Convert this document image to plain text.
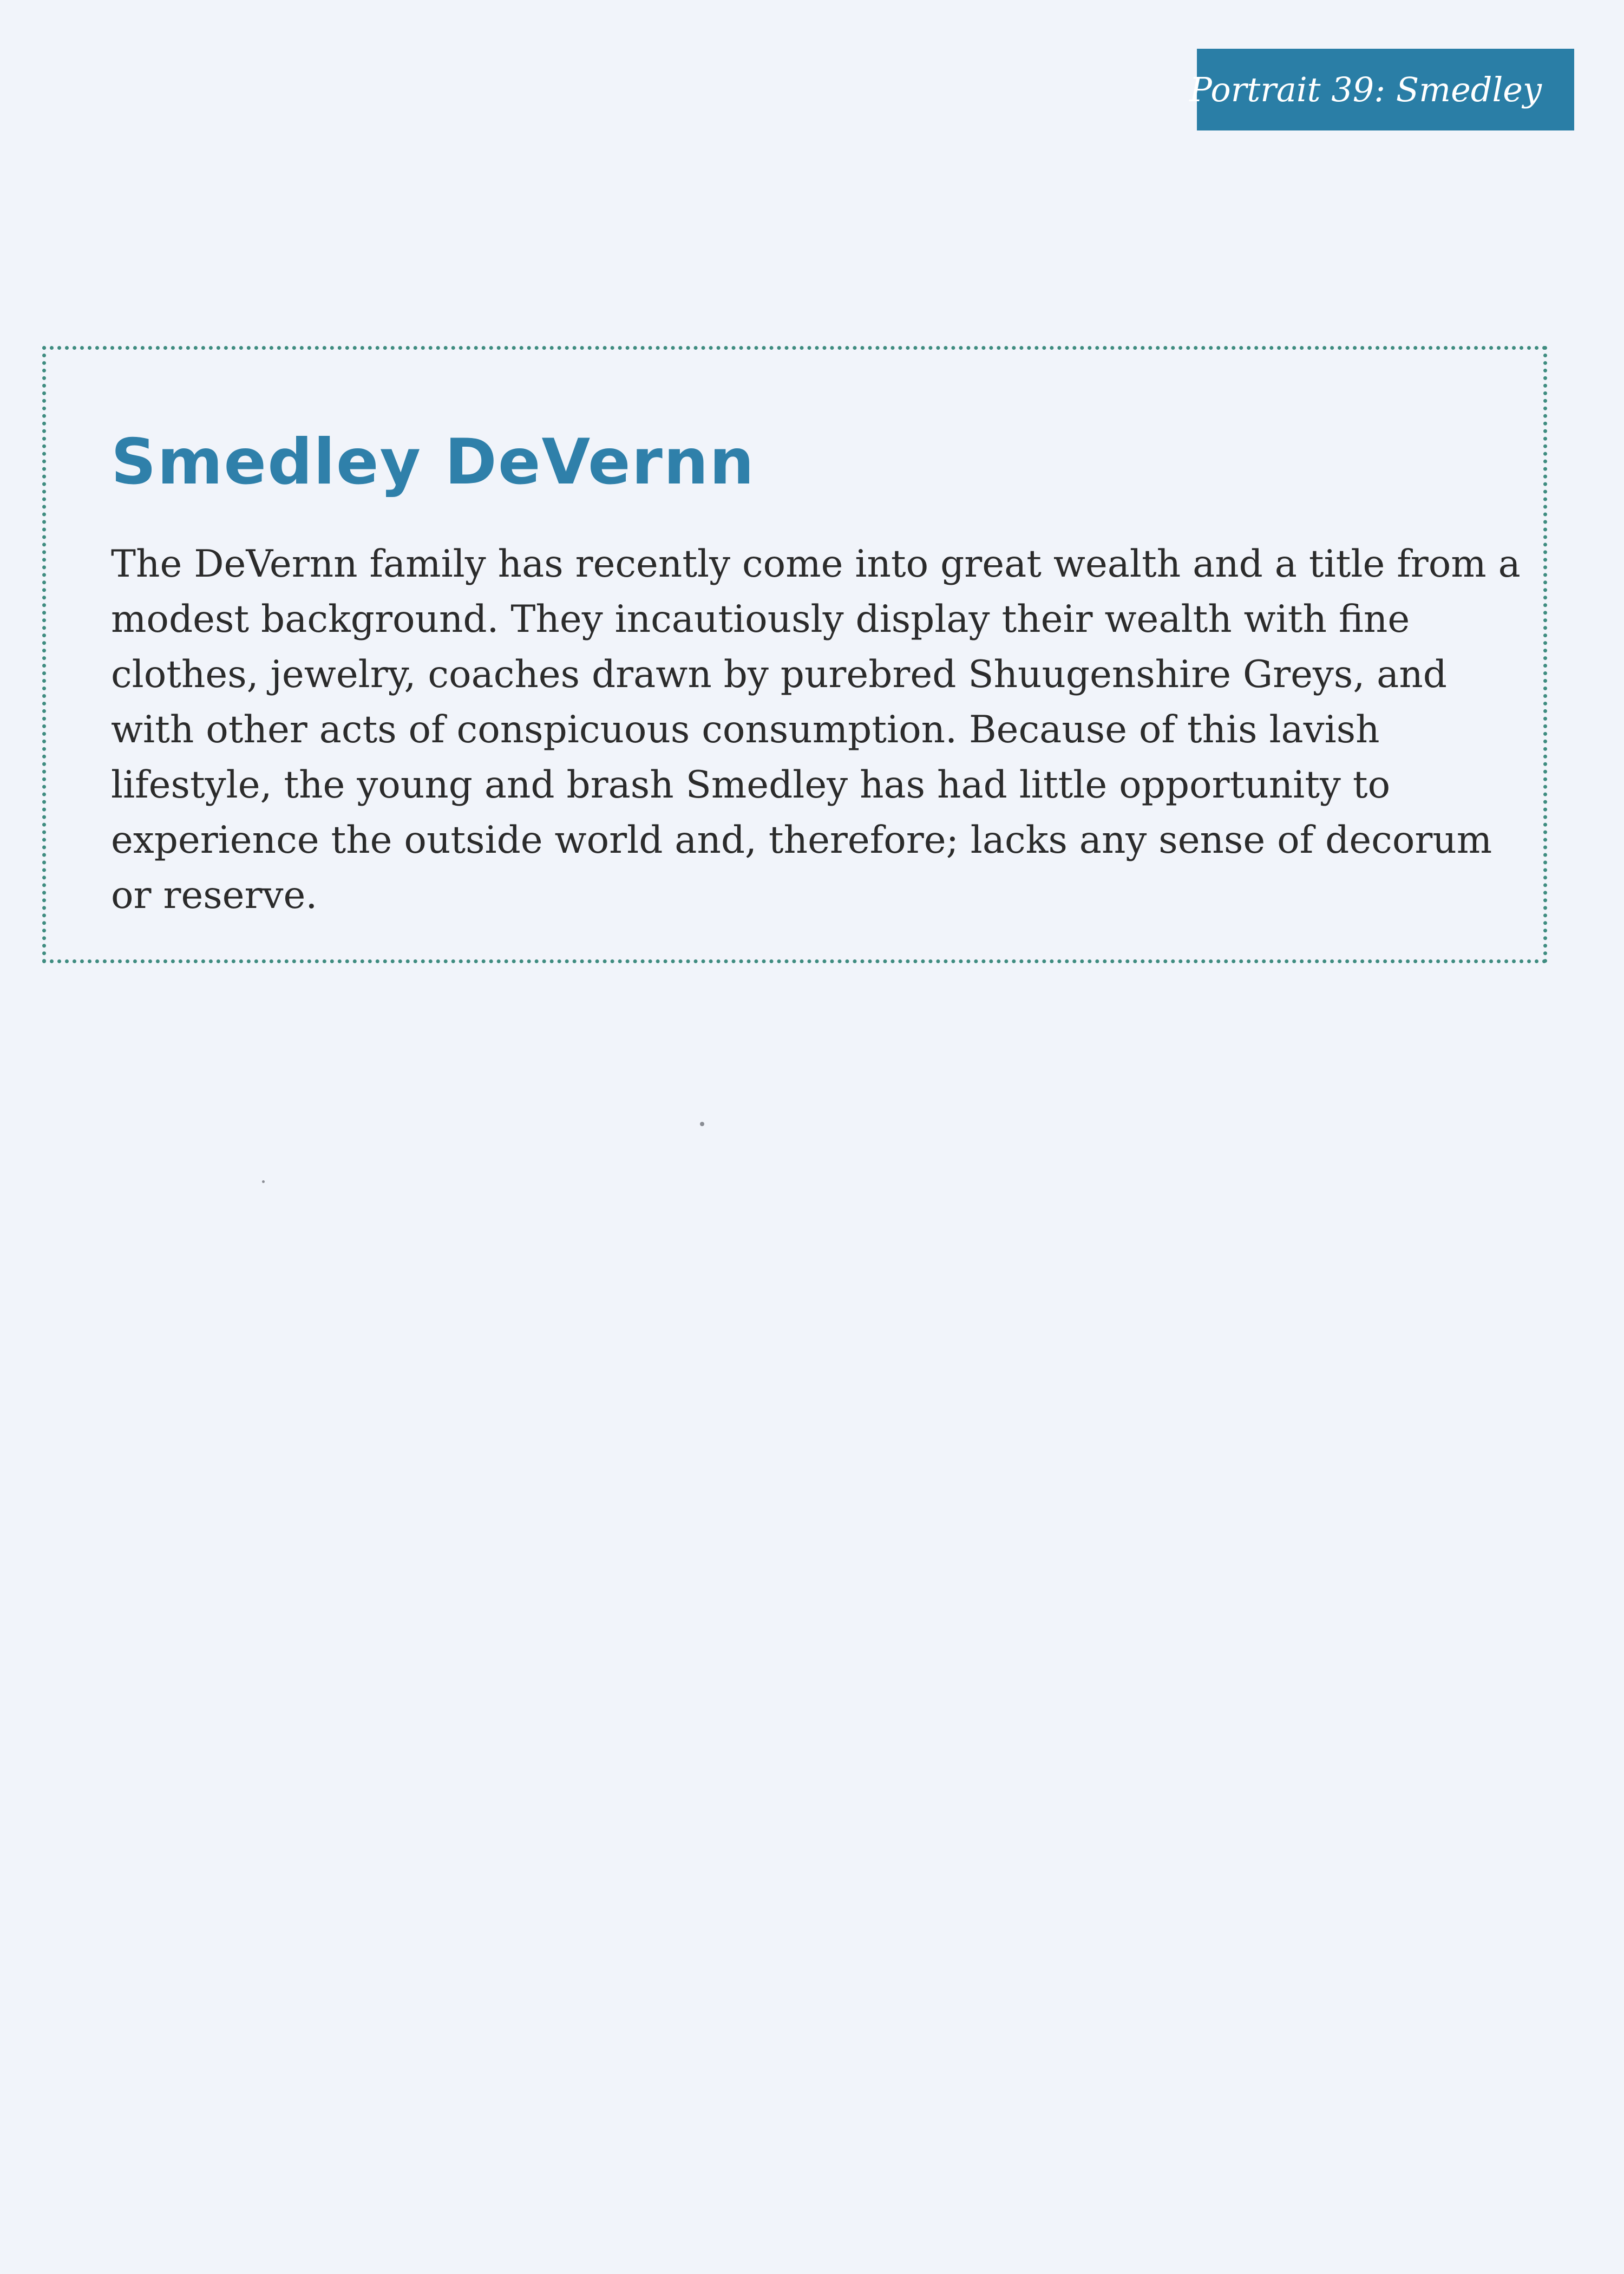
Portrait 39: Smedley
Smedley DeVernn

The DeVernn family has recently come into great wealth and a title from a modest background. They incautiously display their wealth with fine clothes, jewelry, coaches drawn by purebred Shuugenshire Greys, and with other acts of conspicuous consumption. Because of this lavish lifestyle, the young and brash Smedley has had little opportunity to experience the outside world and, therefore; lacks any sense of decorum or reserve.
